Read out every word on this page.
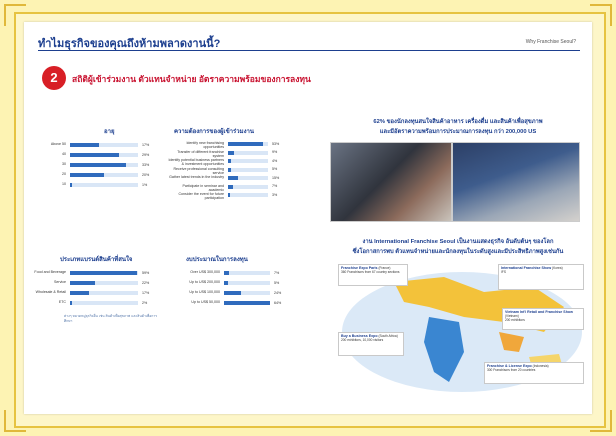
ทำไมธุรกิจของคุณถึงห้ามพลาดงานนี้?	Why Franchise Seoul?
2	สถิติผู้เข้าร่วมงาน ตัวแทนจำหน่าย อัตราความพร้อมของการลงทุน
อายุ
Above 50	17%
40	29%
30	33%
20	20%
10	1%
ความต้องการของผู้เข้าร่วมงาน
Identify new franchising opportunities
53%
Transfer of different franchise system
9%
Identify potential business partners & investment opportunities
4%
Receive professional consulting service
5%
Gather latest trends in the industry	15%
Participate in seminar and academic
7%
Consider the event for future participation
3%
ประเภทแบรนด์สินค้าที่สนใจ
Food and Beverage	59%
Service	22%
Wholesale & Retail	17%
ETC	2%
ต่างๆ หมวดหมู่ธุรกิจอื่น เช่น สินค้าเพื่อสุขภาพ และสินค้าเพื่อการศึกษา
งบประมาณในการลงทุน
Over US$ 300,000	7%
Up to US$ 200,000	5%
Up to US$ 100,000	24%
Up to US$ 50,000	64%
62% ของนักลงทุนสนใจสินค้าอาหาร เครื่องดื่ม และสินค้าเพื่อสุขภาพ
และมีอัตราความพร้อมการประมาณการลงทุน กว่า 200,000 US
งาน International Franchise Seoul เป็นงานแสดงธุรกิจ อันดับต้นๆ ของโลก
ซึ่งโอกาสการพบ ตัวแทนจำหน่ายและนักลงทุนในระดับสูงและมีประสิทธิภาพสูงเช่นกัน
Franchise Expo Paris (France)
360 Franchisors from 67 country sections
International Franchise Show (Korea)
IFS
Vietnam Int'l Retail and Franchise Show (Vietnam)
200 exhibitors
Buy a Business Expo (South Africa)
200 exhibitors, 10,000 visitors
Franchise & License Expo (Indonesia)
300 Franchisors from 20 countries
